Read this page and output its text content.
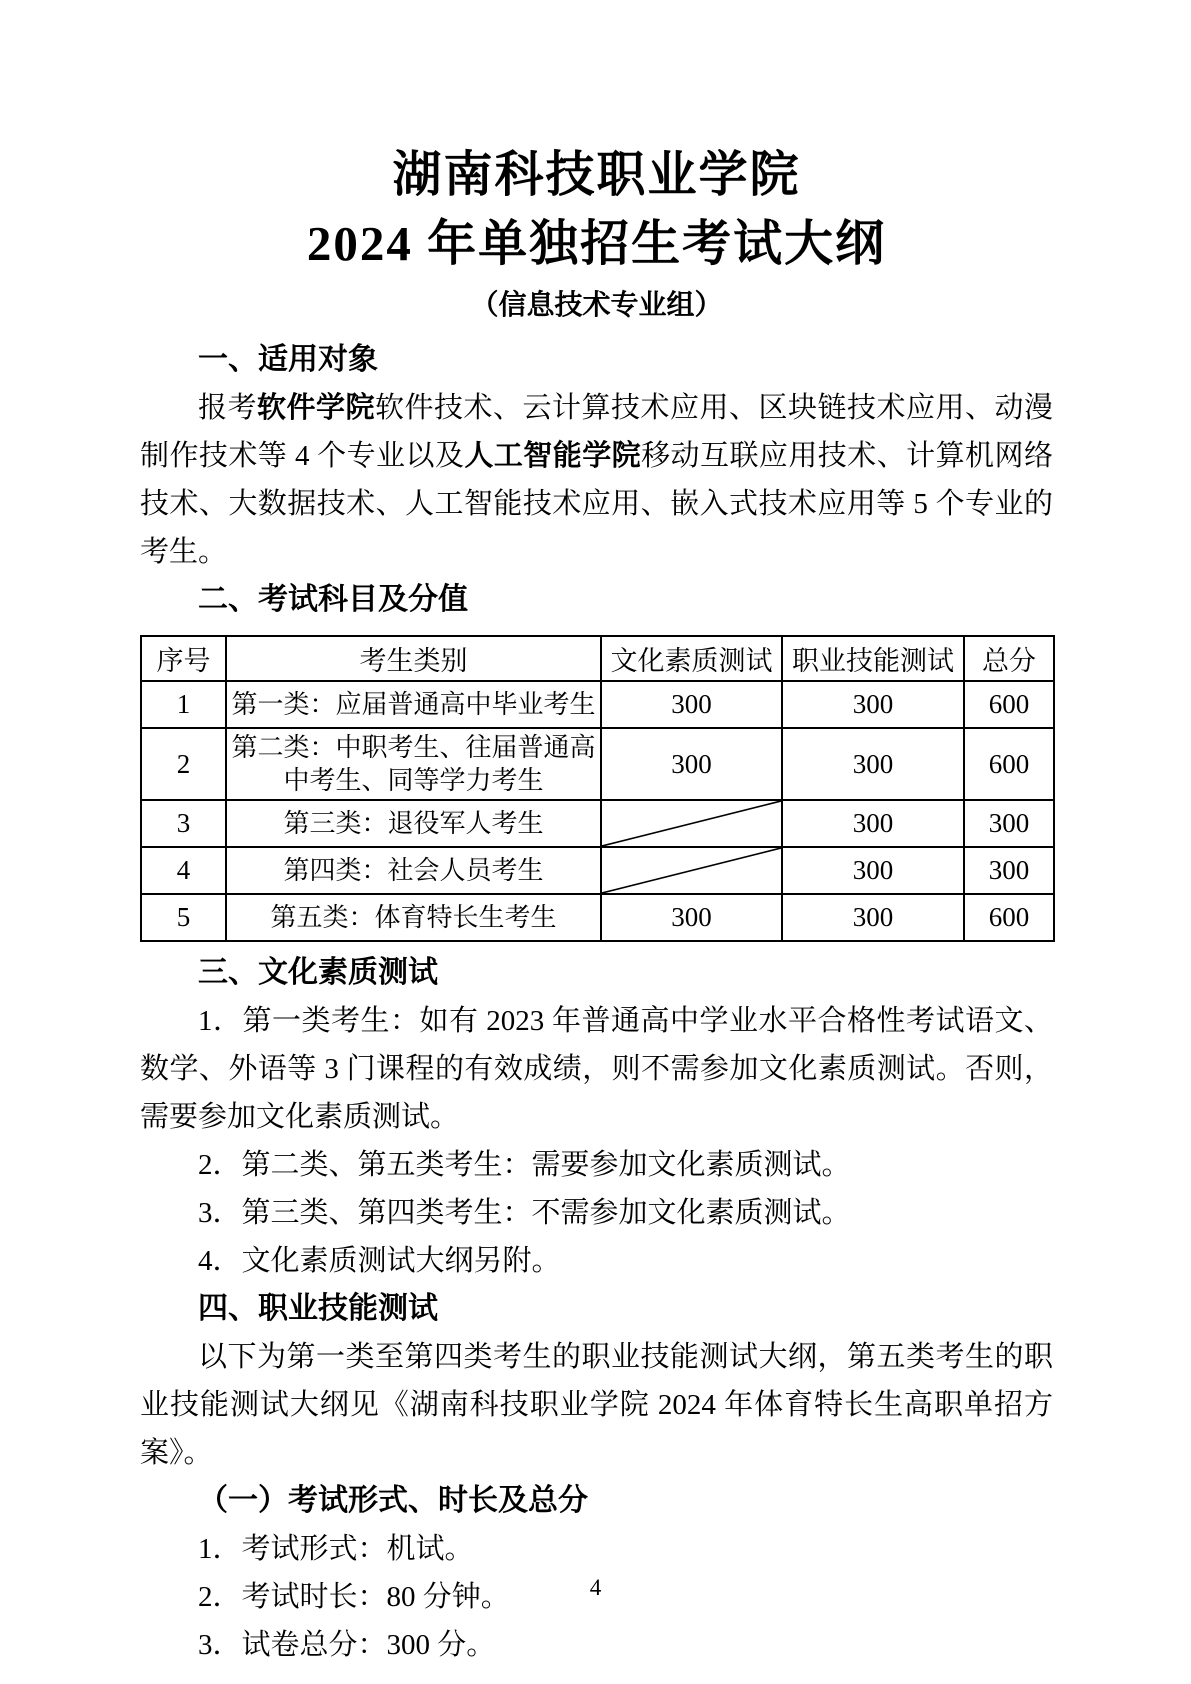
湖南科技职业学院
2024 年单独招生考试大纲
（信息技术专业组）
一、适用对象

报考软件学院软件技术、云计算技术应用、区块链技术应用、动漫制作技术等 4 个专业以及人工智能学院移动互联应用技术、计算机网络技术、大数据技术、人工智能技术应用、嵌入式技术应用等 5 个专业的考生。

二、考试科目及分值
序号	考生类别	文化素质测试	职业技能测试	总分
1	第一类：应届普通高中毕业考生	300	300	600
2	第二类：中职考生、往届普通高中考生、同等学力考生	300	300	600
3	第三类：退役军人考生		300	300
4	第四类：社会人员考生		300	300
5	第五类：体育特长生考生	300	300	600
三、文化素质测试

1．第一类考生：如有 2023 年普通高中学业水平合格性考试语文、数学、外语等 3 门课程的有效成绩，则不需参加文化素质测试。否则，需要参加文化素质测试。

2．第二类、第五类考生：需要参加文化素质测试。

3．第三类、第四类考生：不需参加文化素质测试。

4．文化素质测试大纲另附。

四、职业技能测试

以下为第一类至第四类考生的职业技能测试大纲，第五类考生的职业技能测试大纲见《湖南科技职业学院 2024 年体育特长生高职单招方案》。

（一）考试形式、时长及总分

1．考试形式：机试。

2．考试时长：80 分钟。

3．试卷总分：300 分。

4
